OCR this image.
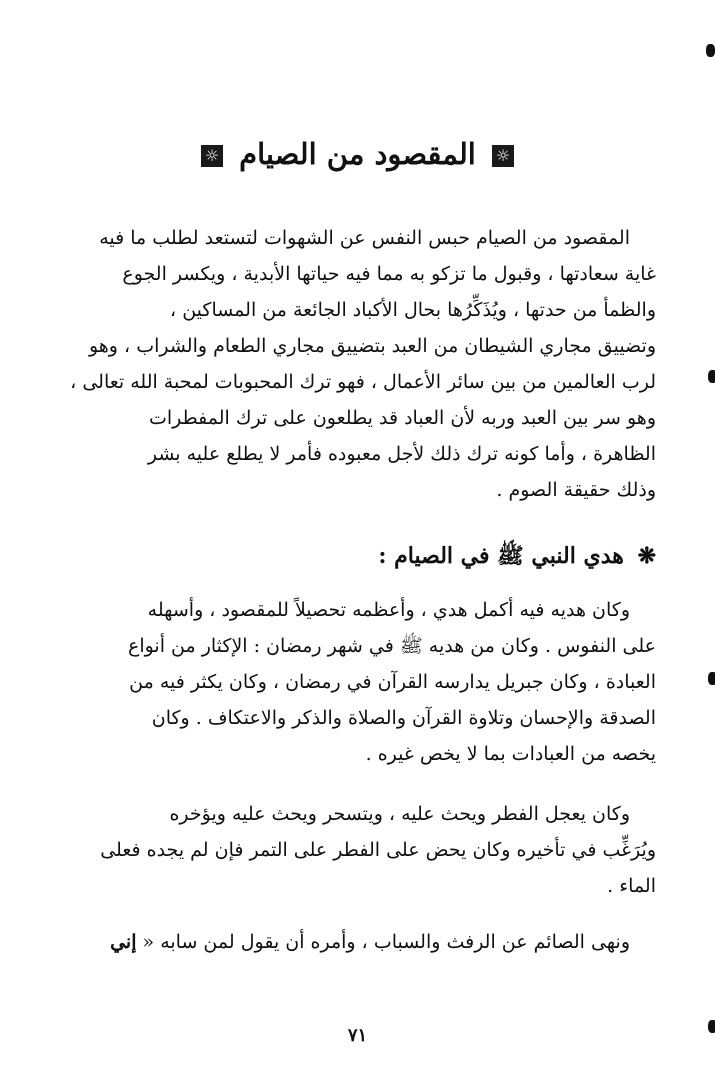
☼ المقصود من الصيام ☼
المقصود من الصيام حبس النفس عن الشهوات لتستعد لطلب ما فيه
غاية سعادتها ، وقبول ما تزكو به مما فيه حياتها الأبدية ، ويكسر الجوع
والظمأ من حدتها ، ويُذَكِّرُها بحال الأكباد الجائعة من المساكين ،
وتضييق مجاري الشيطان من العبد بتضييق مجاري الطعام والشراب ، وهو
لرب العالمين من بين سائر الأعمال ، فهو ترك المحبوبات لمحبة الله تعالى ،
وهو سر بين العبد وربه لأن العباد قد يطلعون على ترك المفطرات
الظاهرة ، وأما كونه ترك ذلك لأجل معبوده فأمر لا يطلع عليه بشر
وذلك حقيقة الصوم .
❋ هدي النبي ﷺ في الصيام :
وكان هديه فيه أكمل هدي ، وأعظمه تحصيلاً للمقصود ، وأسهله
على النفوس . وكان من هديه ﷺ في شهر رمضان : الإكثار من أنواع
العبادة ، وكان جبريل يدارسه القرآن في رمضان ، وكان يكثر فيه من
الصدقة والإحسان وتلاوة القرآن والصلاة والذكر والاعتكاف . وكان
يخصه من العبادات بما لا يخص غيره .
وكان يعجل الفطر ويحث عليه ، ويتسحر ويحث عليه ويؤخره
ويُرَغِّب في تأخيره وكان يحض على الفطر على التمر فإن لم يجده فعلى
الماء .
ونهى الصائم عن الرفث والسباب ، وأمره أن يقول لمن سابه « إني
٧١
